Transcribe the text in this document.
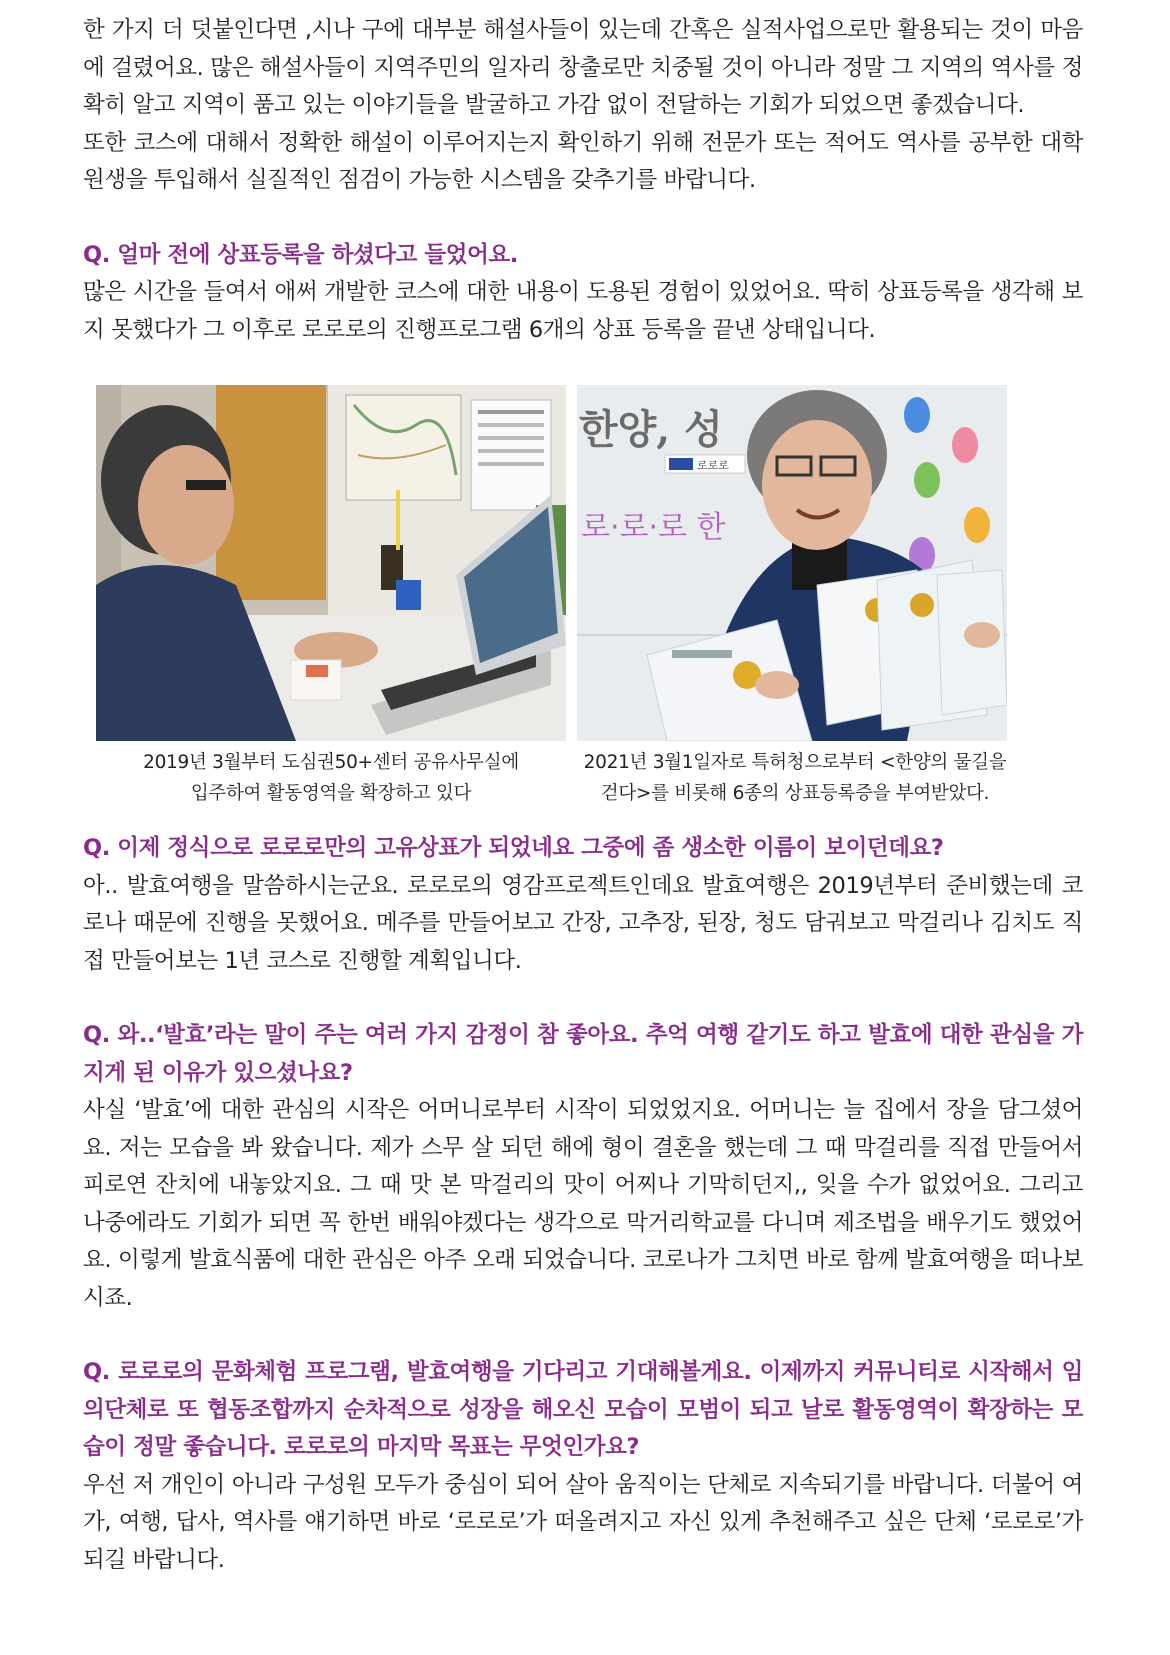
한 가지 더 덧붙인다면 ,시나 구에 대부분 해설사들이 있는데 간혹은 실적사업으로만 활용되는 것이 마음에 걸렸어요. 많은 해설사들이 지역주민의 일자리 창출로만 치중될 것이 아니라 정말 그 지역의 역사를 정확히 알고 지역이 품고 있는 이야기들을 발굴하고 가감 없이 전달하는 기회가 되었으면 좋겠습니다.

또한 코스에 대해서 정확한 해설이 이루어지는지 확인하기 위해 전문가 또는 적어도 역사를 공부한 대학원생을 투입해서 실질적인 점검이 가능한 시스템을 갖추기를 바랍니다.

Q. 얼마 전에 상표등록을 하셨다고 들었어요.

많은 시간을 들여서 애써 개발한 코스에 대한 내용이 도용된 경험이 있었어요. 딱히 상표등록을 생각해 보지 못했다가 그 이후로 로로로의 진행프로그램 6개의 상표 등록을 끝낸 상태입니다.

2019년 3월부터 도심권50+센터 공유사무실에
입주하여 활동영역을 확장하고 있다
한양, 성
로·로·로 한
로로로
2021년 3월1일자로 특허청으로부터 <한양의 물길을
걷다>를 비롯해 6종의 상표등록증을 부여받았다.

Q. 이제 정식으로 로로로만의 고유상표가 되었네요 그중에 좀 생소한 이름이 보이던데요?

아.. 발효여행을 말씀하시는군요. 로로로의 영감프로젝트인데요 발효여행은 2019년부터 준비했는데 코로나 때문에 진행을 못했어요. 메주를 만들어보고 간장, 고추장, 된장, 청도 담궈보고 막걸리나 김치도 직접 만들어보는 1년 코스로 진행할 계획입니다.

Q. 와..‘발효’라는 말이 주는 여러 가지 감정이 참 좋아요. 추억 여행 같기도 하고 발효에 대한 관심을 가지게 된 이유가 있으셨나요?

사실 ‘발효’에 대한 관심의 시작은 어머니로부터 시작이 되었었지요. 어머니는 늘 집에서 장을 담그셨어요. 저는 모습을 봐 왔습니다. 제가 스무 살 되던 해에 형이 결혼을 했는데 그 때 막걸리를 직접 만들어서 피로연 잔치에 내놓았지요. 그 때 맛 본 막걸리의 맛이 어찌나 기막히던지,, 잊을 수가 없었어요. 그리고 나중에라도 기회가 되면 꼭 한번 배워야겠다는 생각으로 막거리학교를 다니며 제조법을 배우기도 했었어요. 이렇게 발효식품에 대한 관심은 아주 오래 되었습니다. 코로나가 그치면 바로 함께 발효여행을 떠나보시죠.

Q. 로로로의 문화체험 프로그램, 발효여행을 기다리고 기대해볼게요. 이제까지 커뮤니티로 시작해서 임의단체로 또 협동조합까지 순차적으로 성장을 해오신 모습이 모범이 되고 날로 활동영역이 확장하는 모습이 정말 좋습니다. 로로로의 마지막 목표는 무엇인가요?

우선 저 개인이 아니라 구성원 모두가 중심이 되어 살아 움직이는 단체로 지속되기를 바랍니다. 더불어 여가, 여행, 답사, 역사를 얘기하면 바로 ‘로로로’가 떠올려지고 자신 있게 추천해주고 싶은 단체 ‘로로로’가 되길 바랍니다.
